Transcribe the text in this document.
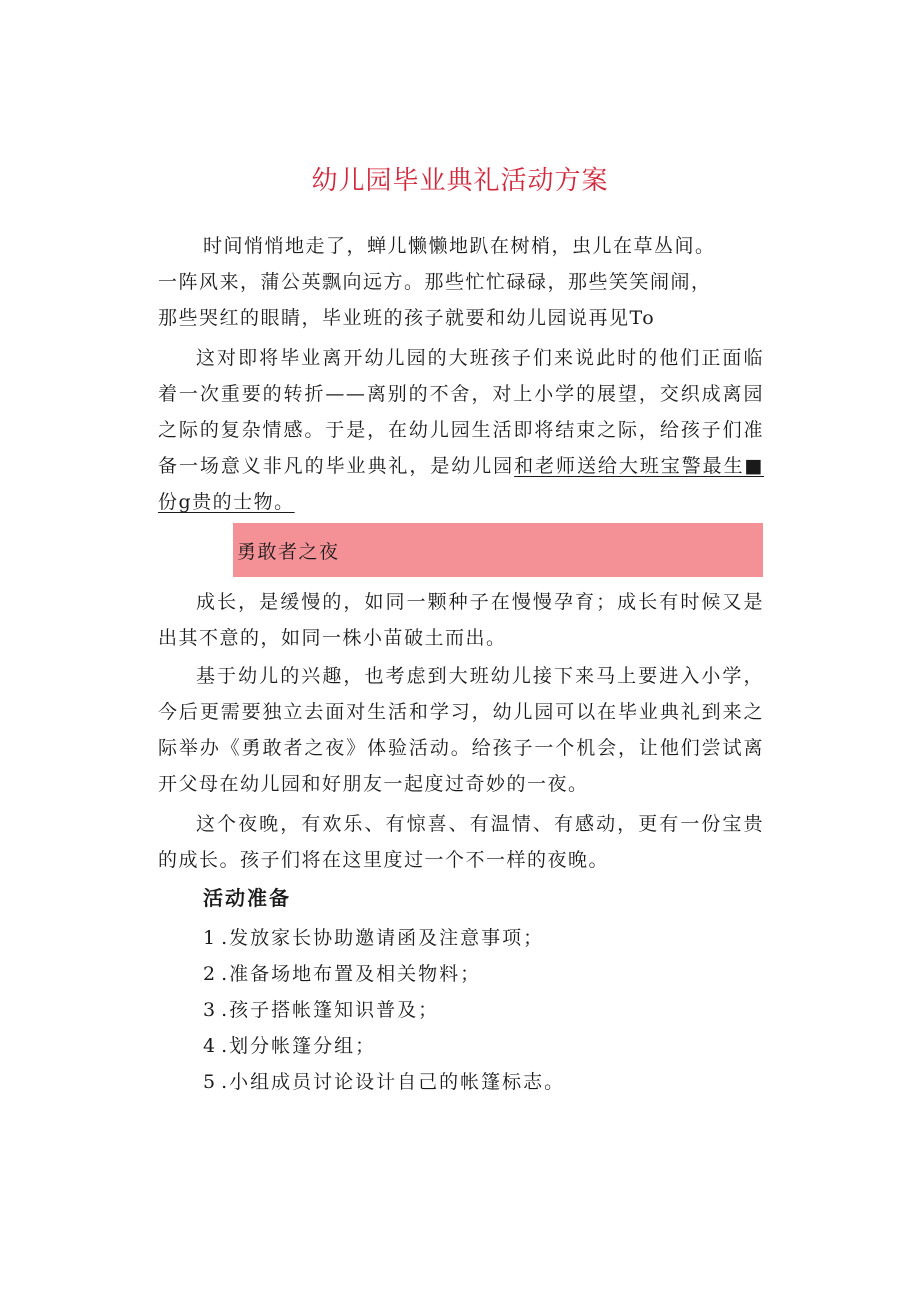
幼儿园毕业典礼活动方案
时间悄悄地走了，蝉儿懒懒地趴在树梢，虫儿在草丛间。
一阵风来，蒲公英飘向远方。那些忙忙碌碌，那些笑笑闹闹，
那些哭红的眼睛，毕业班的孩子就要和幼儿园说再见To

这对即将毕业离开幼儿园的大班孩子们来说此时的他们正面临着一次重要的转折——离别的不舍，对上小学的展望，交织成离园之际的复杂情感。于是，在幼儿园生活即将结束之际，给孩子们准备一场意义非凡的毕业典礼，是幼儿园和老师送给大班宝警最生■份g贵的士物。

勇敢者之夜

成长，是缓慢的，如同一颗种子在慢慢孕育；成长有时候又是出其不意的，如同一株小苗破土而出。

基于幼儿的兴趣，也考虑到大班幼儿接下来马上要进入小学，今后更需要独立去面对生活和学习，幼儿园可以在毕业典礼到来之际举办《勇敢者之夜》体验活动。给孩子一个机会，让他们尝试离开父母在幼儿园和好朋友一起度过奇妙的一夜。

这个夜晚，有欢乐、有惊喜、有温情、有感动，更有一份宝贵的成长。孩子们将在这里度过一个不一样的夜晚。

活动准备
1 .发放家长协助邀请函及注意事项；
2 .准备场地布置及相关物料；
3 .孩子搭帐篷知识普及；
4 .划分帐篷分组；
5 .小组成员讨论设计自己的帐篷标志。
